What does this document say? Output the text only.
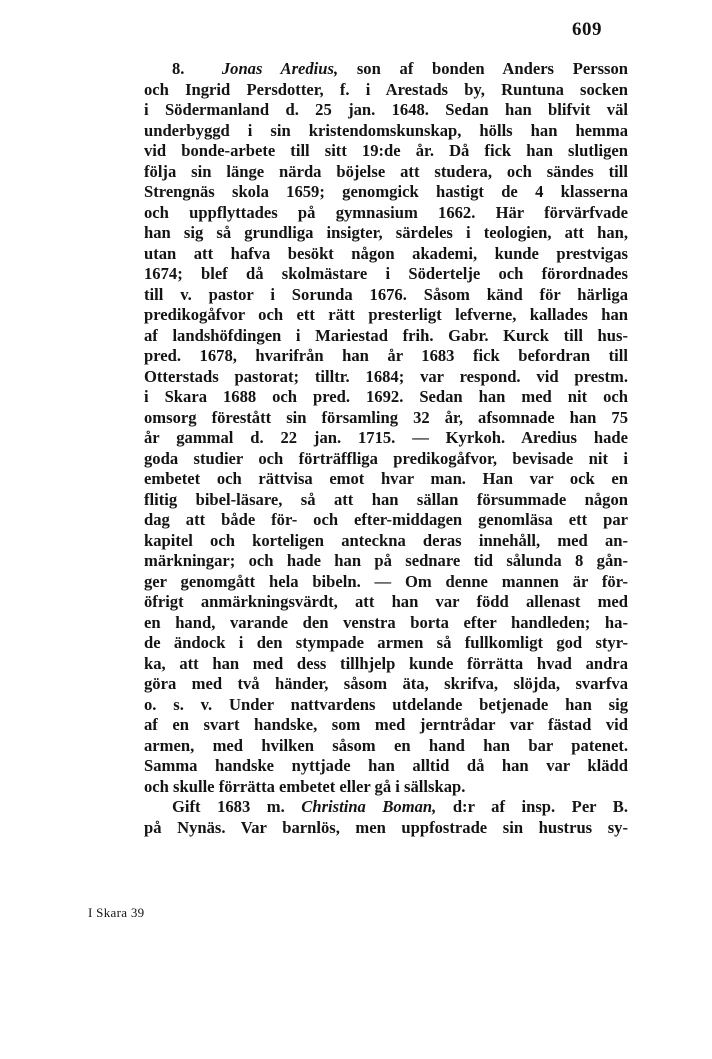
609
8. Jonas Aredius, son af bonden Anders Persson
och Ingrid Persdotter, f. i Arestads by, Runtuna socken
i Södermanland d. 25 jan. 1648. Sedan han blifvit väl
underbyggd i sin kristendomskunskap, hölls han hemma
vid bonde-arbete till sitt 19:de år. Då fick han slutligen
följa sin länge närda böjelse att studera, och sändes till
Strengnäs skola 1659; genomgick hastigt de 4 klasserna
och uppflyttades på gymnasium 1662. Här förvärfvade
han sig så grundliga insigter, särdeles i teologien, att han,
utan att hafva besökt någon akademi, kunde prestvigas
1674; blef då skolmästare i Södertelje och förordnades
till v. pastor i Sorunda 1676. Såsom känd för härliga
predikogåfvor och ett rätt presterligt lefverne, kallades han
af landshöfdingen i Mariestad frih. Gabr. Kurck till hus-
pred. 1678, hvarifrån han år 1683 fick befordran till
Otterstads pastorat; tilltr. 1684; var respond. vid prestm.
i Skara 1688 och pred. 1692. Sedan han med nit och
omsorg förestått sin församling 32 år, afsomnade han 75
år gammal d. 22 jan. 1715. — Kyrkoh. Aredius hade
goda studier och förträffliga predikogåfvor, bevisade nit i
embetet och rättvisa emot hvar man. Han var ock en
flitig bibel-läsare, så att han sällan försummade någon
dag att både för- och efter-middagen genomläsa ett par
kapitel och korteligen anteckna deras innehåll, med an-
märkningar; och hade han på sednare tid sålunda 8 gån-
ger genomgått hela bibeln. — Om denne mannen är för-
öfrigt anmärkningsvärdt, att han var född allenast med
en hand, varande den venstra borta efter handleden; ha-
de ändock i den stympade armen så fullkomligt god styr-
ka, att han med dess tillhjelp kunde förrätta hvad andra
göra med två händer, såsom äta, skrifva, slöjda, svarfva
o. s. v. Under nattvardens utdelande betjenade han sig
af en svart handske, som med jerntrådar var fästad vid
armen, med hvilken såsom en hand han bar patenet.
Samma handske nyttjade han alltid då han var klädd
och skulle förrätta embetet eller gå i sällskap.
Gift 1683 m. Christina Boman, d:r af insp. Per B.
på Nynäs. Var barnlös, men uppfostrade sin hustrus sy-
I Skara 39
